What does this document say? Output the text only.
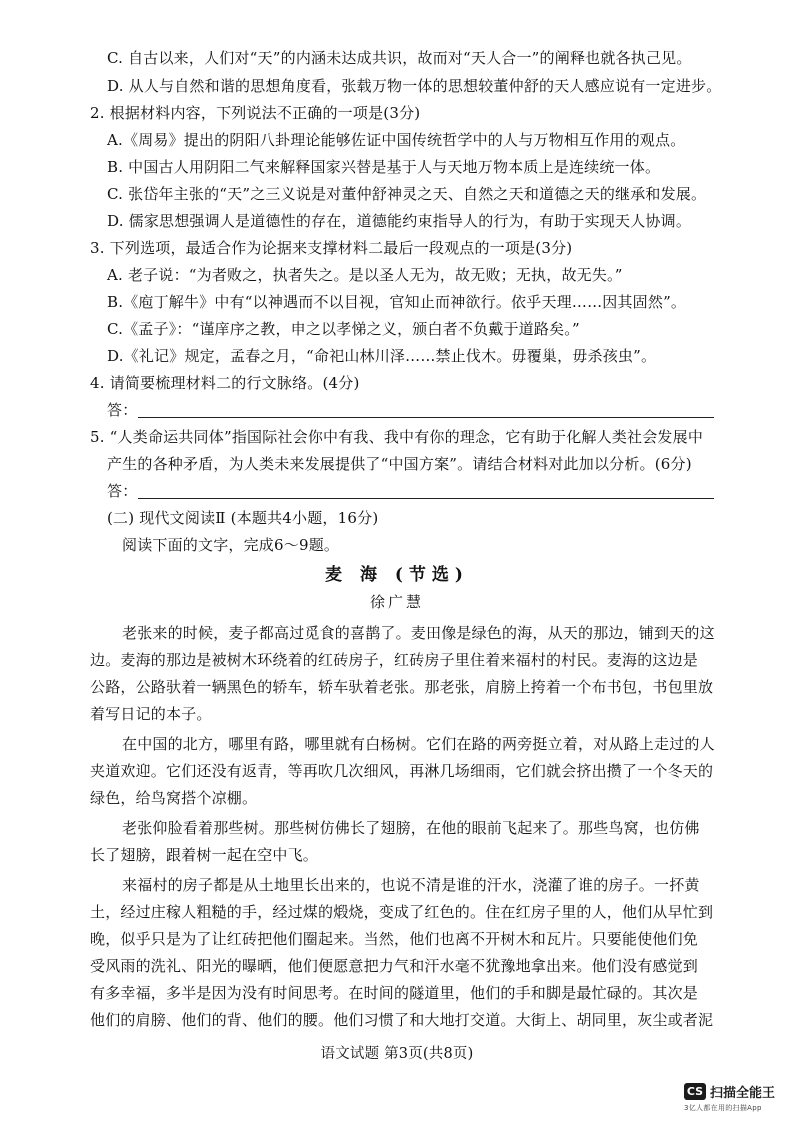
C. 自古以来，人们对“天”的内涵未达成共识，故而对“天人合一”的阐释也就各执己见。
D. 从人与自然和谐的思想角度看，张载万物一体的思想较董仲舒的天人感应说有一定进步。
2. 根据材料内容，下列说法不正确的一项是(3分)
A.《周易》提出的阴阳八卦理论能够佐证中国传统哲学中的人与万物相互作用的观点。
B. 中国古人用阴阳二气来解释国家兴替是基于人与天地万物本质上是连续统一体。
C. 张岱年主张的“天”之三义说是对董仲舒神灵之天、自然之天和道德之天的继承和发展。
D. 儒家思想强调人是道德性的存在，道德能约束指导人的行为，有助于实现天人协调。
3. 下列选项，最适合作为论据来支撑材料二最后一段观点的一项是(3分)
A. 老子说：“为者败之，执者失之。是以圣人无为，故无败；无执，故无失。”
B.《庖丁解牛》中有“以神遇而不以目视，官知止而神欲行。依乎天理……因其固然”。
C.《孟子》：“谨庠序之教，申之以孝悌之义，颁白者不负戴于道路矣。”
D.《礼记》规定，孟春之月，“命祀山林川泽……禁止伐木。毋覆巢，毋杀孩虫”。
4. 请简要梳理材料二的行文脉络。(4分)
答：
5. “人类命运共同体”指国际社会你中有我、我中有你的理念，它有助于化解人类社会发展中
产生的各种矛盾，为人类未来发展提供了“中国方案”。请结合材料对此加以分析。(6分)
答：
(二) 现代文阅读Ⅱ (本题共4小题，16分)
阅读下面的文字，完成6～9题。
麦 海 (节选)
徐广慧
老张来的时候，麦子都高过觅食的喜鹊了。麦田像是绿色的海，从天的那边，铺到天的这
边。麦海的那边是被树木环绕着的红砖房子，红砖房子里住着来福村的村民。麦海的这边是
公路，公路驮着一辆黑色的轿车，轿车驮着老张。那老张，肩膀上挎着一个布书包，书包里放
着写日记的本子。
在中国的北方，哪里有路，哪里就有白杨树。它们在路的两旁挺立着，对从路上走过的人
夹道欢迎。它们还没有返青，等再吹几次细风，再淋几场细雨，它们就会挤出攒了一个冬天的
绿色，给鸟窝搭个凉棚。
老张仰脸看着那些树。那些树仿佛长了翅膀，在他的眼前飞起来了。那些鸟窝，也仿佛
长了翅膀，跟着树一起在空中飞。
来福村的房子都是从土地里长出来的，也说不清是谁的汗水，浇灌了谁的房子。一抔黄
土，经过庄稼人粗糙的手，经过煤的煅烧，变成了红色的。住在红房子里的人，他们从早忙到
晚，似乎只是为了让红砖把他们圈起来。当然，他们也离不开树木和瓦片。只要能使他们免
受风雨的洗礼、阳光的曝晒，他们便愿意把力气和汗水毫不犹豫地拿出来。他们没有感觉到
有多幸福，多半是因为没有时间思考。在时间的隧道里，他们的手和脚是最忙碌的。其次是
他们的肩膀、他们的背、他们的腰。他们习惯了和大地打交道。大街上、胡同里，灰尘或者泥
语文试题 第3页(共8页)
CS 扫描全能王
3亿人都在用的扫描App
